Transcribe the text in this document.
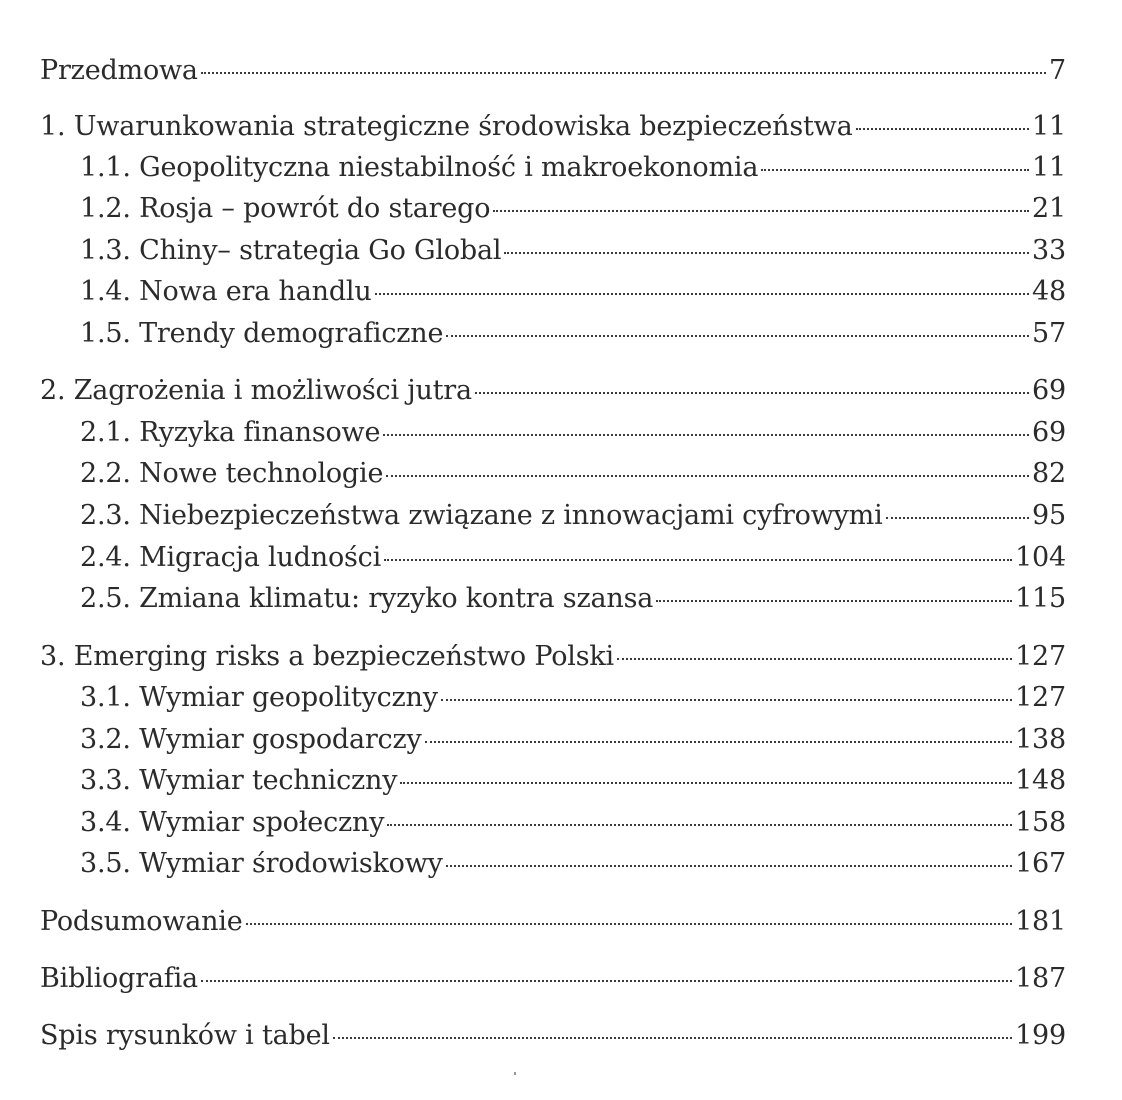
Przedmowa	7
1. Uwarunkowania strategiczne środowiska bezpieczeństwa	11
1.1. Geopolityczna niestabilność i makroekonomia	11
1.2. Rosja – powrót do starego	21
1.3. Chiny– strategia Go Global	33
1.4. Nowa era handlu	48
1.5. Trendy demograficzne	57
2. Zagrożenia i możliwości jutra	69
2.1. Ryzyka finansowe	69
2.2. Nowe technologie	82
2.3. Niebezpieczeństwa związane z innowacjami cyfrowymi	95
2.4. Migracja ludności	104
2.5. Zmiana klimatu: ryzyko kontra szansa	115
3. Emerging risks a bezpieczeństwo Polski	127
3.1. Wymiar geopolityczny	127
3.2. Wymiar gospodarczy	138
3.3. Wymiar techniczny	148
3.4. Wymiar społeczny	158
3.5. Wymiar środowiskowy	167
Podsumowanie	181
Bibliografia	187
Spis rysunków i tabel	199
